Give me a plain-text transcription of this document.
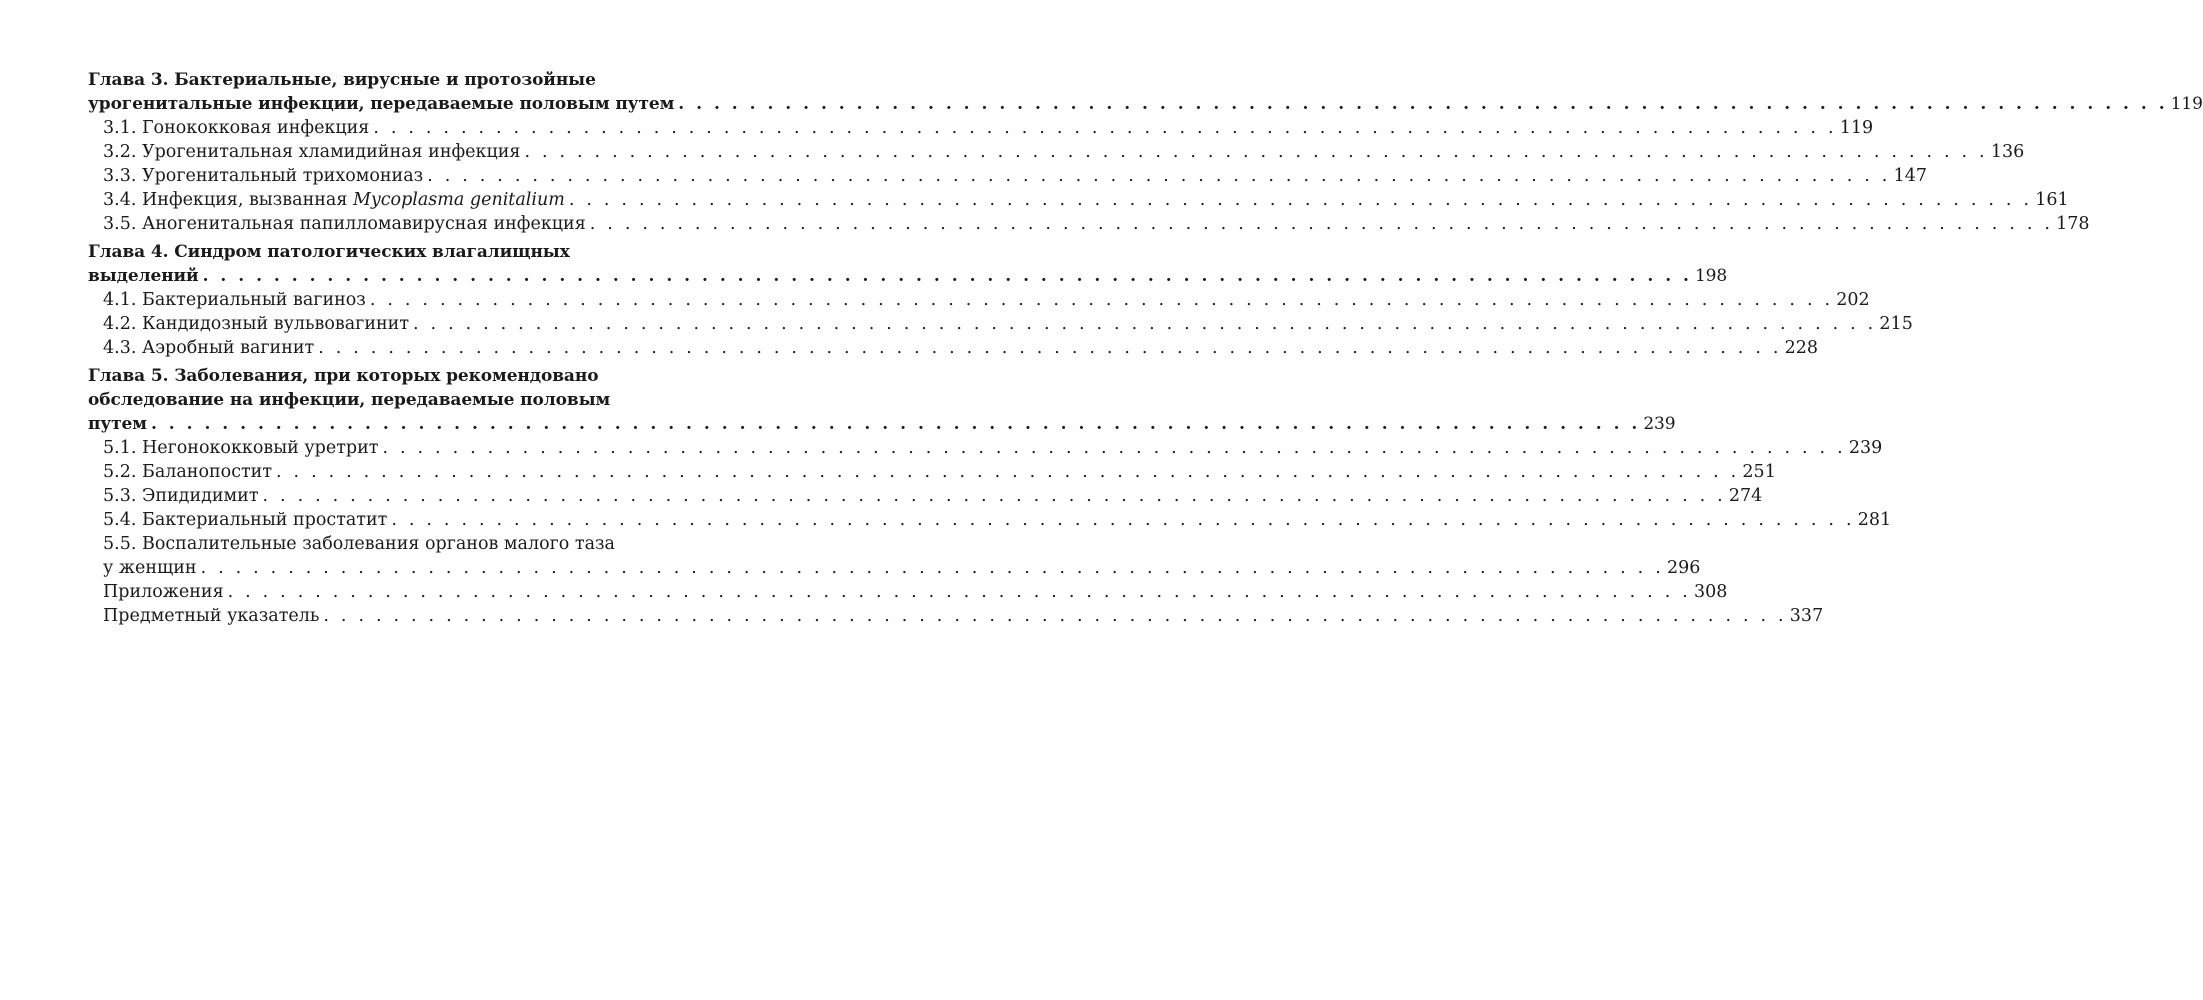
Глава 3. Бактериальные, вирусные и протозойные
урогенитальные инфекции, передаваемые половым путем . . . . . . . . . . . . . . . . . . . . . . . . . . . . . . . . . . . . . . . . . . . . . . . . . . . . . . . . . . . . . . . . . . . . . . . . . . . . . . . . . . . . 119
3.1. Гонококковая инфекция . . . . . . . . . . . . . . . . . . . . . . . . . . . . . . . . . . . . . . . . . . . . . . . . . . . . . . . . . . . . . . . . . . . . . . . . . . . . . . . . . . . . 119
3.2. Урогенитальная хламидийная инфекция . . . . . . . . . . . . . . . . . . . . . . . . . . . . . . . . . . . . . . . . . . . . . . . . . . . . . . . . . . . . . . . . . . . . . . . . . . . . . . . . . . . . 136
3.3. Урогенитальный трихомониаз . . . . . . . . . . . . . . . . . . . . . . . . . . . . . . . . . . . . . . . . . . . . . . . . . . . . . . . . . . . . . . . . . . . . . . . . . . . . . . . . . . . . 147
3.4. Инфекция, вызванная Mycoplasma genitalium . . . . . . . . . . . . . . . . . . . . . . . . . . . . . . . . . . . . . . . . . . . . . . . . . . . . . . . . . . . . . . . . . . . . . . . . . . . . . . . . . . . . 161
3.5. Аногенитальная папилломавирусная инфекция . . . . . . . . . . . . . . . . . . . . . . . . . . . . . . . . . . . . . . . . . . . . . . . . . . . . . . . . . . . . . . . . . . . . . . . . . . . . . . . . . . . . 178
Глава 4. Синдром патологических влагалищных
выделений . . . . . . . . . . . . . . . . . . . . . . . . . . . . . . . . . . . . . . . . . . . . . . . . . . . . . . . . . . . . . . . . . . . . . . . . . . . . . . . . . . . . 198
4.1. Бактериальный вагиноз . . . . . . . . . . . . . . . . . . . . . . . . . . . . . . . . . . . . . . . . . . . . . . . . . . . . . . . . . . . . . . . . . . . . . . . . . . . . . . . . . . . . 202
4.2. Кандидозный вульвовагинит . . . . . . . . . . . . . . . . . . . . . . . . . . . . . . . . . . . . . . . . . . . . . . . . . . . . . . . . . . . . . . . . . . . . . . . . . . . . . . . . . . . . 215
4.3. Аэробный вагинит . . . . . . . . . . . . . . . . . . . . . . . . . . . . . . . . . . . . . . . . . . . . . . . . . . . . . . . . . . . . . . . . . . . . . . . . . . . . . . . . . . . . 228
Глава 5. Заболевания, при которых рекомендовано
обследование на инфекции, передаваемые половым
путем . . . . . . . . . . . . . . . . . . . . . . . . . . . . . . . . . . . . . . . . . . . . . . . . . . . . . . . . . . . . . . . . . . . . . . . . . . . . . . . . . . . . 239
5.1. Негонококковый уретрит . . . . . . . . . . . . . . . . . . . . . . . . . . . . . . . . . . . . . . . . . . . . . . . . . . . . . . . . . . . . . . . . . . . . . . . . . . . . . . . . . . . . 239
5.2. Баланопостит . . . . . . . . . . . . . . . . . . . . . . . . . . . . . . . . . . . . . . . . . . . . . . . . . . . . . . . . . . . . . . . . . . . . . . . . . . . . . . . . . . . . 251
5.3. Эпидидимит . . . . . . . . . . . . . . . . . . . . . . . . . . . . . . . . . . . . . . . . . . . . . . . . . . . . . . . . . . . . . . . . . . . . . . . . . . . . . . . . . . . . 274
5.4. Бактериальный простатит . . . . . . . . . . . . . . . . . . . . . . . . . . . . . . . . . . . . . . . . . . . . . . . . . . . . . . . . . . . . . . . . . . . . . . . . . . . . . . . . . . . . 281
5.5. Воспалительные заболевания органов малого таза
у женщин . . . . . . . . . . . . . . . . . . . . . . . . . . . . . . . . . . . . . . . . . . . . . . . . . . . . . . . . . . . . . . . . . . . . . . . . . . . . . . . . . . . . 296
Приложения . . . . . . . . . . . . . . . . . . . . . . . . . . . . . . . . . . . . . . . . . . . . . . . . . . . . . . . . . . . . . . . . . . . . . . . . . . . . . . . . . . . . 308
Предметный указатель . . . . . . . . . . . . . . . . . . . . . . . . . . . . . . . . . . . . . . . . . . . . . . . . . . . . . . . . . . . . . . . . . . . . . . . . . . . . . . . . . . . . 337
